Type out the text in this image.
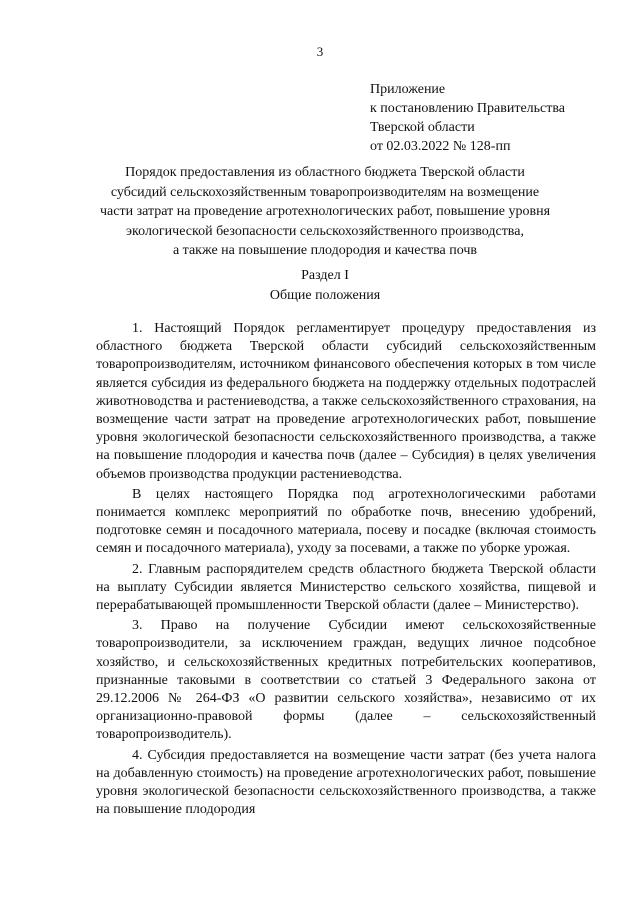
3
Приложение
к постановлению Правительства
Тверской области
от 02.03.2022 № 128-пп
Порядок предоставления из областного бюджета Тверской области
субсидий сельскохозяйственным товаропроизводителям на возмещение
части затрат на проведение агротехнологических работ, повышение уровня
экологической безопасности сельскохозяйственного производства,
а также на повышение плодородия и качества почв
Раздел I
Общие положения

1. Настоящий Порядок регламентирует процедуру предоставления из областного бюджета Тверской области субсидий сельскохозяйственным товаропроизводителям, источником финансового обеспечения которых в том числе является субсидия из федерального бюджета на поддержку отдельных подотраслей животноводства и растениеводства, а также сельскохозяйственного страхования, на возмещение части затрат на проведение агротехнологических работ, повышение уровня экологической безопасности сельскохозяйственного производства, а также на повышение плодородия и качества почв (далее – Субсидия) в целях увеличения объемов производства продукции растениеводства.

В целях настоящего Порядка под агротехнологическими работами понимается комплекс мероприятий по обработке почв, внесению удобрений, подготовке семян и посадочного материала, посеву и посадке (включая стоимость семян и посадочного материала), уходу за посевами, а также по уборке урожая.

2. Главным распорядителем средств областного бюджета Тверской области на выплату Субсидии является Министерство сельского хозяйства, пищевой и перерабатывающей промышленности Тверской области (далее – Министерство).

3. Право на получение Субсидии имеют сельскохозяйственные товаропроизводители, за исключением граждан, ведущих личное подсобное хозяйство, и сельскохозяйственных кредитных потребительских кооперативов, признанные таковыми в соответствии со статьей 3 Федерального закона от 29.12.2006 № 264-ФЗ «О развитии сельского хозяйства», независимо от их организационно-правовой формы (далее – сельскохозяйственный товаропроизводитель).

4. Субсидия предоставляется на возмещение части затрат (без учета налога на добавленную стоимость) на проведение агротехнологических работ, повышение уровня экологической безопасности сельскохозяйственного производства, а также на повышение плодородия
